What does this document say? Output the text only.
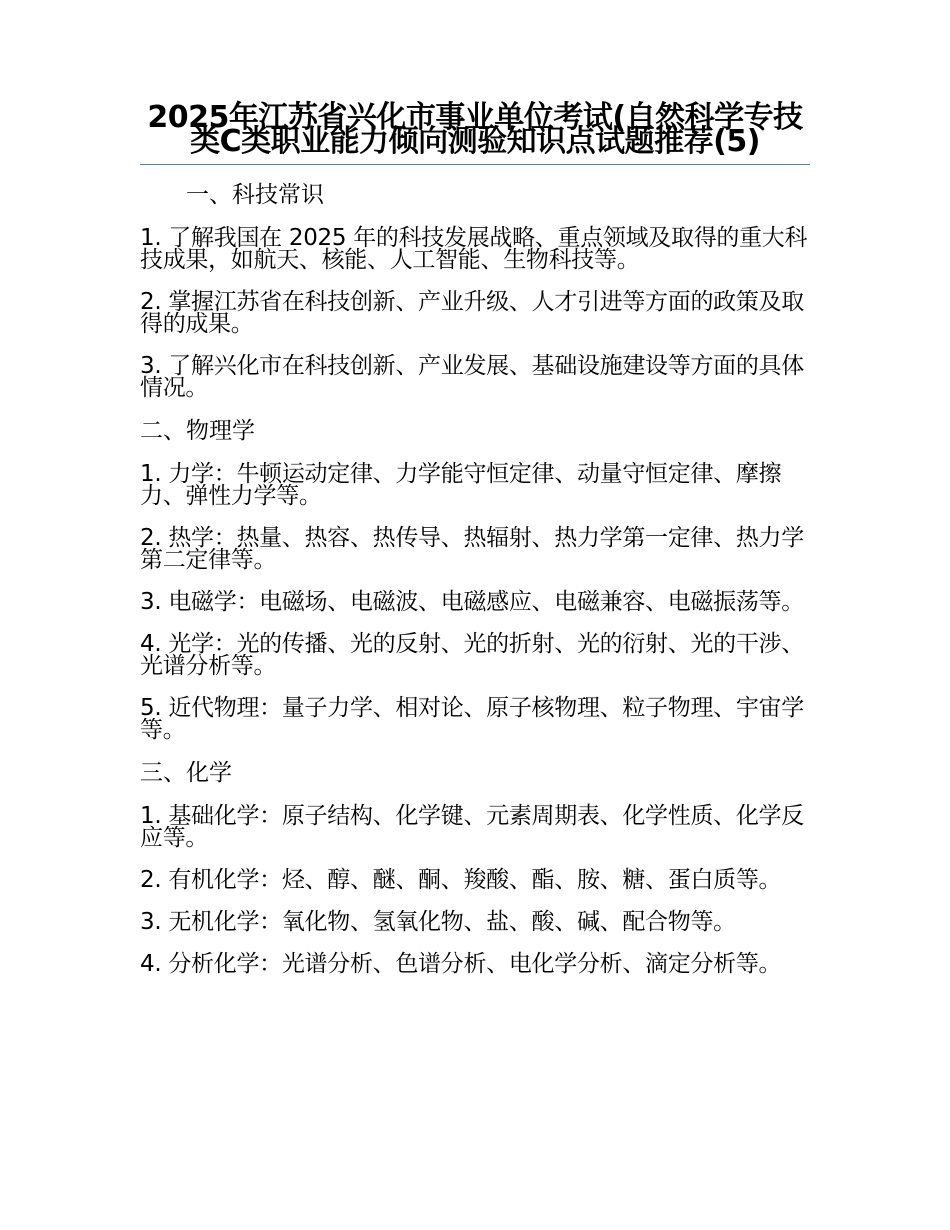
2025年江苏省兴化市事业单位考试(自然科学专技类C类职业能力倾向测验知识点试题推荐(5)

一、科技常识

1. 了解我国在 2025 年的科技发展战略、重点领域及取得的重大科技成果，如航天、核能、人工智能、生物科技等。

2. 掌握江苏省在科技创新、产业升级、人才引进等方面的政策及取得的成果。

3. 了解兴化市在科技创新、产业发展、基础设施建设等方面的具体情况。

二、物理学

1. 力学：牛顿运动定律、力学能守恒定律、动量守恒定律、摩擦力、弹性力学等。

2. 热学：热量、热容、热传导、热辐射、热力学第一定律、热力学第二定律等。

3. 电磁学：电磁场、电磁波、电磁感应、电磁兼容、电磁振荡等。

4. 光学：光的传播、光的反射、光的折射、光的衍射、光的干涉、光谱分析等。

5. 近代物理：量子力学、相对论、原子核物理、粒子物理、宇宙学等。

三、化学

1. 基础化学：原子结构、化学键、元素周期表、化学性质、化学反应等。

2. 有机化学：烃、醇、醚、酮、羧酸、酯、胺、糖、蛋白质等。

3. 无机化学：氧化物、氢氧化物、盐、酸、碱、配合物等。

4. 分析化学：光谱分析、色谱分析、电化学分析、滴定分析等。
